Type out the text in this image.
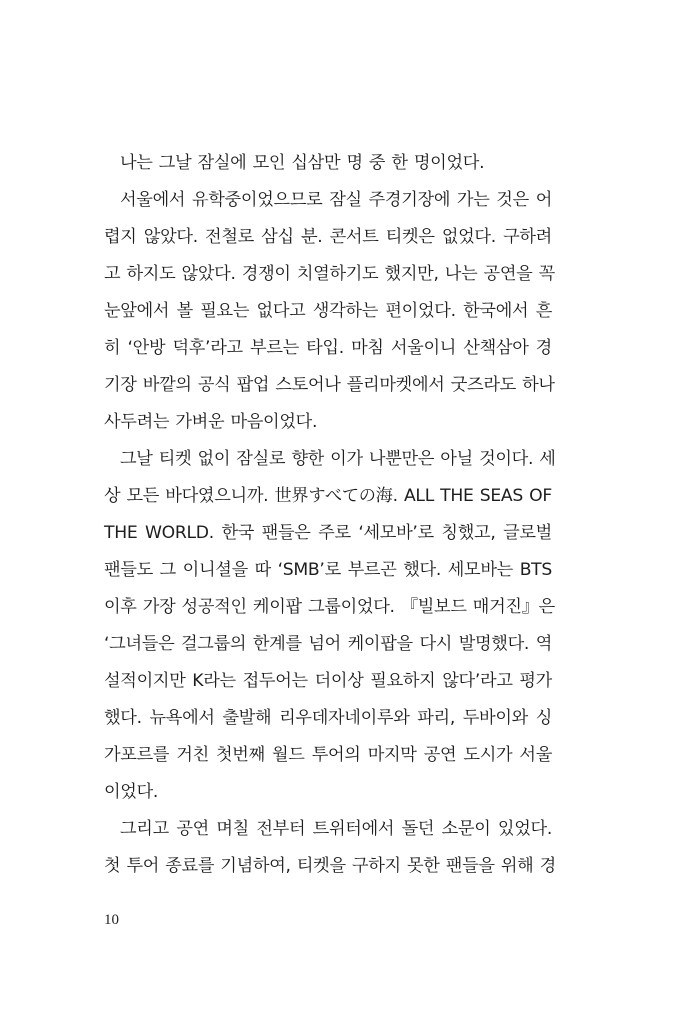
나는 그날 잠실에 모인 십삼만 명 중 한 명이었다.
서울에서 유학중이었으므로 잠실 주경기장에 가는 것은 어
렵지 않았다. 전철로 삼십 분. 콘서트 티켓은 없었다. 구하려
고 하지도 않았다. 경쟁이 치열하기도 했지만, 나는 공연을 꼭
눈앞에서 볼 필요는 없다고 생각하는 편이었다. 한국에서 흔
히 ‘안방 덕후’라고 부르는 타입. 마침 서울이니 산책삼아 경
기장 바깥의 공식 팝업 스토어나 플리마켓에서 굿즈라도 하나
사두려는 가벼운 마음이었다.
그날 티켓 없이 잠실로 향한 이가 나뿐만은 아닐 것이다. 세
상 모든 바다였으니까. 世界すべての海. ALL THE SEAS OF
THE WORLD. 한국 팬들은 주로 ‘세모바’로 칭했고, 글로벌
팬들도 그 이니셜을 따 ‘SMB’로 부르곤 했다. 세모바는 BTS
이후 가장 성공적인 케이팝 그룹이었다. 『빌보드 매거진』은
‘그녀들은 걸그룹의 한계를 넘어 케이팝을 다시 발명했다. 역
설적이지만 K라는 접두어는 더이상 필요하지 않다’라고 평가
했다. 뉴욕에서 출발해 리우데자네이루와 파리, 두바이와 싱
가포르를 거친 첫번째 월드 투어의 마지막 공연 도시가 서울
이었다.
그리고 공연 며칠 전부터 트위터에서 돌던 소문이 있었다.
첫 투어 종료를 기념하여, 티켓을 구하지 못한 팬들을 위해 경
10
